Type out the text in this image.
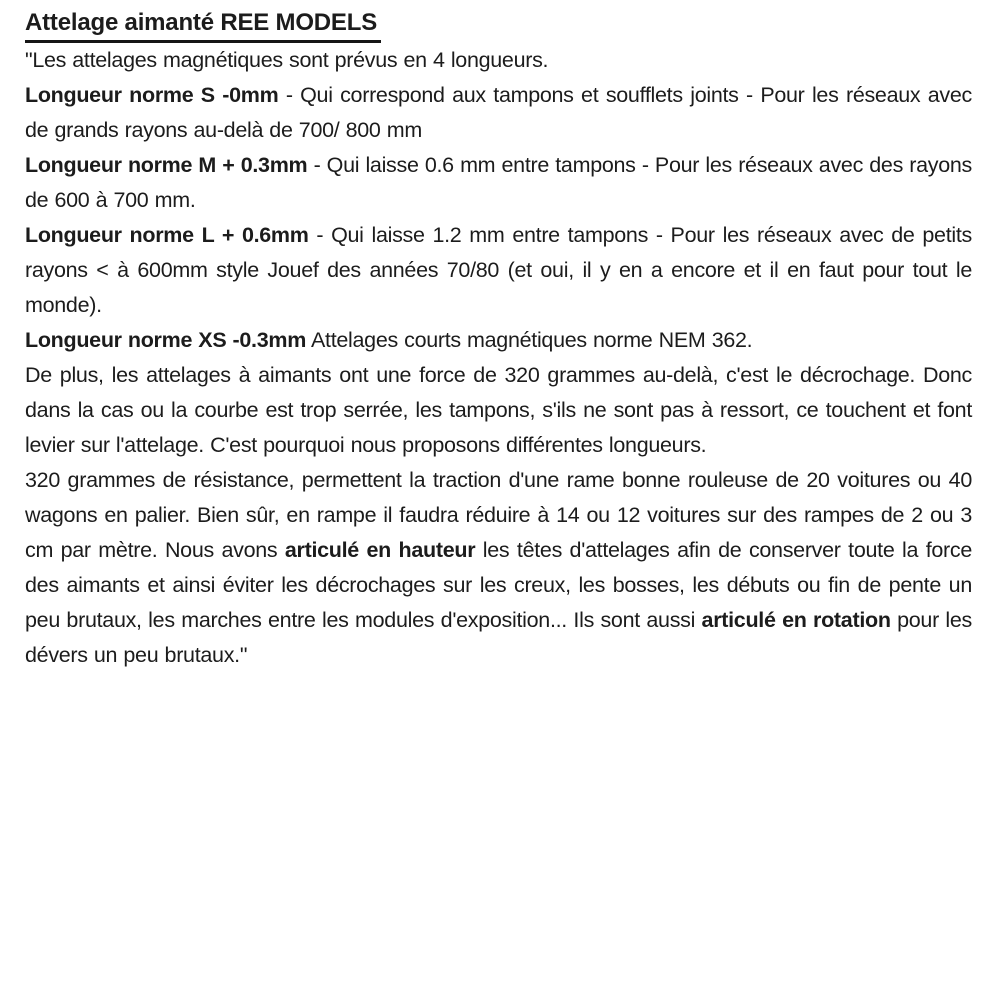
Attelage aimanté REE MODELS

"Les attelages magnétiques sont prévus en 4 longueurs.

Longueur norme S -0mm - Qui correspond aux tampons et soufflets joints - Pour les réseaux avec de grands rayons au-delà de 700/ 800 mm

Longueur norme M + 0.3mm - Qui laisse 0.6 mm entre tampons - Pour les réseaux avec des rayons de 600 à 700 mm.

Longueur norme L + 0.6mm - Qui laisse 1.2 mm entre tampons - Pour les réseaux avec de petits rayons < à 600mm style Jouef des années 70/80 (et oui, il y en a encore et il en faut pour tout le monde).

Longueur norme XS -0.3mm Attelages courts magnétiques norme NEM 362.

De plus, les attelages à aimants ont une force de 320 grammes au-delà, c'est le décrochage. Donc dans la cas ou la courbe est trop serrée, les tampons, s'ils ne sont pas à ressort, ce touchent et font levier sur l'attelage. C'est pourquoi nous proposons différentes longueurs.

320 grammes de résistance, permettent la traction d'une rame bonne rouleuse de 20 voitures ou 40 wagons en palier. Bien sûr, en rampe il faudra réduire à 14 ou 12 voitures sur des rampes de 2 ou 3 cm par mètre. Nous avons articulé en hauteur les têtes d'attelages afin de conserver toute la force des aimants et ainsi éviter les décrochages sur les creux, les bosses, les débuts ou fin de pente un peu brutaux, les marches entre les modules d'exposition... Ils sont aussi articulé en rotation pour les dévers un peu brutaux."
